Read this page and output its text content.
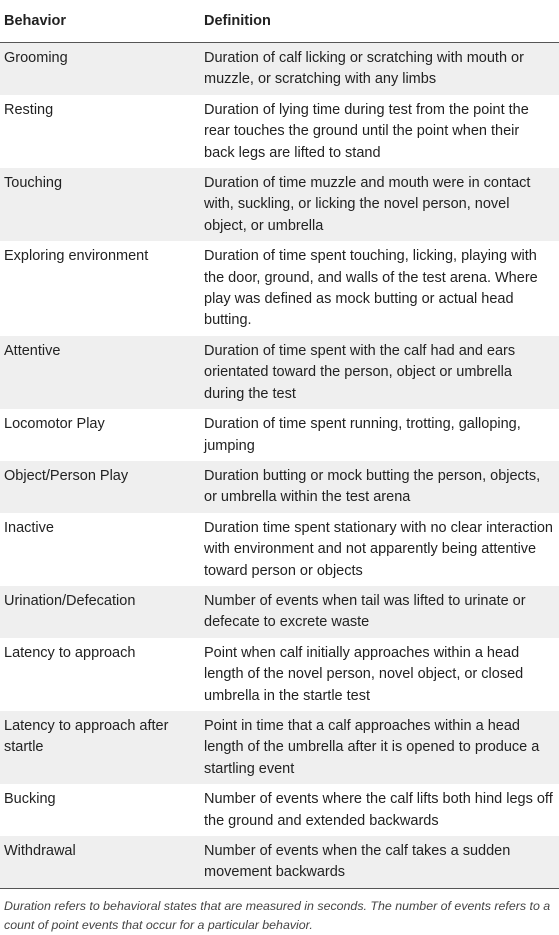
Behavior	Definition
Grooming	Duration of calf licking or scratching with mouth or muzzle, or scratching with any limbs
Resting	Duration of lying time during test from the point the rear touches the ground until the point when their back legs are lifted to stand
Touching	Duration of time muzzle and mouth were in contact with, suckling, or licking the novel person, novel object, or umbrella
Exploring environment	Duration of time spent touching, licking, playing with the door, ground, and walls of the test arena. Where play was defined as mock butting or actual head butting.
Attentive	Duration of time spent with the calf had and ears orientated toward the person, object or umbrella during the test
Locomotor Play	Duration of time spent running, trotting, galloping, jumping
Object/Person Play	Duration butting or mock butting the person, objects, or umbrella within the test arena
Inactive	Duration time spent stationary with no clear interaction with environment and not apparently being attentive toward person or objects
Urination/Defecation	Number of events when tail was lifted to urinate or defecate to excrete waste
Latency to approach	Point when calf initially approaches within a head length of the novel person, novel object, or closed umbrella in the startle test
Latency to approach after startle	Point in time that a calf approaches within a head length of the umbrella after it is opened to produce a startling event
Bucking	Number of events where the calf lifts both hind legs off the ground and extended backwards
Withdrawal	Number of events when the calf takes a sudden movement backwards
Duration refers to behavioral states that are measured in seconds. The number of events refers to a count of point events that occur for a particular behavior.
